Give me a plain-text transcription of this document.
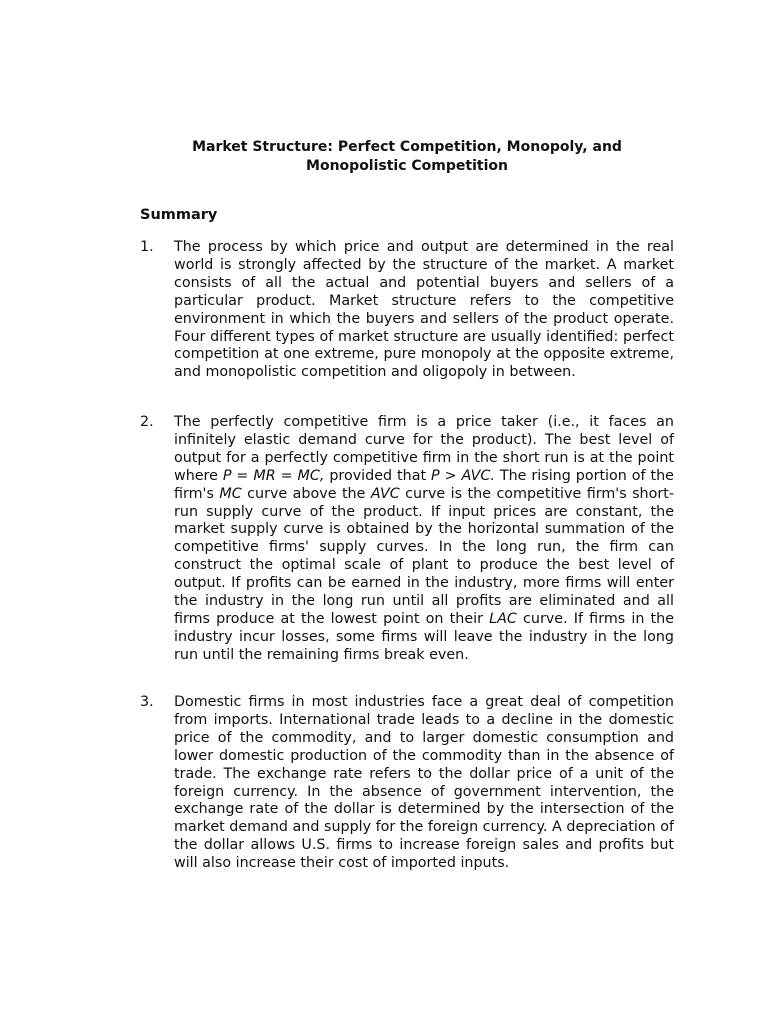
Market Structure: Perfect Competition, Monopoly, and
Monopolistic Competition
Summary
1.	The process by which price and output are determined in the real world is strongly affected by the structure of the market. A market consists of all the actual and potential buyers and sellers of a particular product. Market structure refers to the competitive environment in which the buyers and sellers of the product operate. Four different types of market structure are usually identified: perfect competition at one extreme, pure monopoly at the opposite extreme, and monopolistic competition and oligopoly in between.
2.	The perfectly competitive firm is a price taker (i.e., it faces an infinitely elastic demand curve for the product). The best level of output for a perfectly competitive firm in the short run is at the point where P = MR = MC, provided that P > AVC. The rising portion of the firm's MC curve above the AVC curve is the competitive firm's short-run supply curve of the product. If input prices are constant, the market supply curve is obtained by the horizontal summation of the competitive firms' supply curves. In the long run, the firm can construct the optimal scale of plant to produce the best level of output. If profits can be earned in the industry, more firms will enter the industry in the long run until all profits are eliminated and all firms produce at the lowest point on their LAC curve. If firms in the industry incur losses, some firms will leave the industry in the long run until the remaining firms break even.
3.	Domestic firms in most industries face a great deal of competition from imports. International trade leads to a decline in the domestic price of the commodity, and to larger domestic consumption and lower domestic production of the commodity than in the absence of trade. The exchange rate refers to the dollar price of a unit of the foreign currency. In the absence of government intervention, the exchange rate of the dollar is determined by the intersection of the market demand and supply for the foreign currency. A depreciation of the dollar allows U.S. firms to increase foreign sales and profits but will also increase their cost of imported inputs.
